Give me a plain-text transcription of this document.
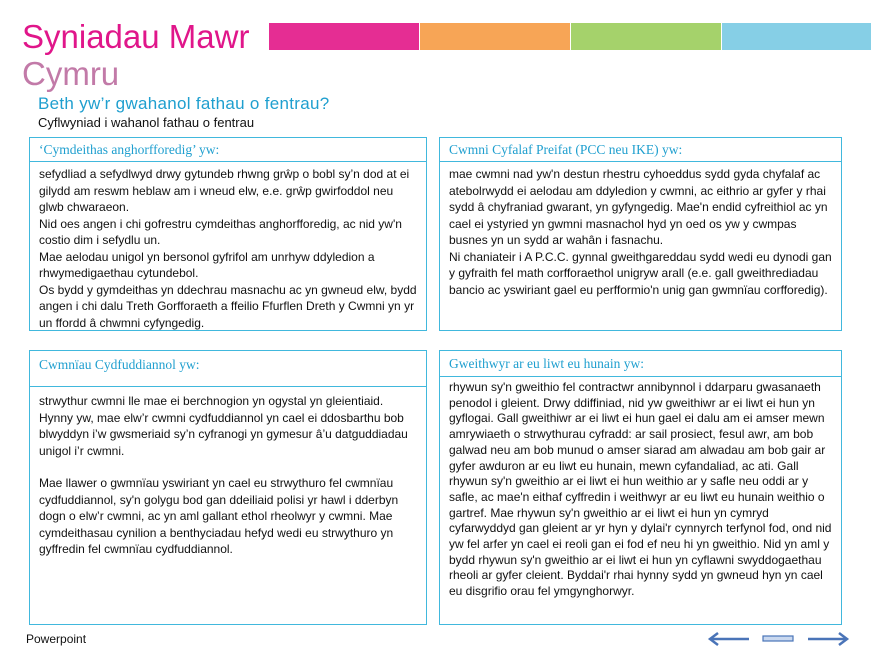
Syniadau Mawr
Cymru
Beth yw’r gwahanol fathau o fentrau?
Cyflwyniad i wahanol fathau o fentrau
‘Cymdeithas anghorfforedig’ yw:

sefydliad a sefydlwyd drwy gytundeb rhwng grŵp o bobl sy’n dod at ei gilydd am reswm heblaw am i wneud elw, e.e. grŵp gwirfoddol neu glwb chwaraeon.

Nid oes angen i chi gofrestru cymdeithas anghorfforedig, ac nid yw'n costio dim i sefydlu un.

Mae aelodau unigol yn bersonol gyfrifol am unrhyw ddyledion a rhwymedigaethau cytundebol.

Os bydd y gymdeithas yn ddechrau masnachu ac yn gwneud elw, bydd angen i chi dalu Treth Gorfforaeth a ffeilio Ffurflen Dreth y Cwmni yn yr un ffordd â chwmni cyfyngedig.

Cwmni Cyfalaf Preifat (PCC neu IKE) yw:

mae cwmni nad yw'n destun rhestru cyhoeddus sydd gyda chyfalaf ac atebolrwydd ei aelodau am ddyledion y cwmni, ac eithrio ar gyfer y rhai sydd â chyfraniad gwarant, yn gyfyngedig. Mae'n endid cyfreithiol ac yn cael ei ystyried yn gwmni masnachol hyd yn oed os yw y cwmpas busnes yn un sydd ar wahân i fasnachu.

Ni chaniateir i A P.C.C. gynnal gweithgareddau sydd wedi eu dynodi gan y gyfraith fel math corfforaethol unigryw arall (e.e. gall gweithrediadau bancio ac yswiriant gael eu perfformio'n unig gan gwmnïau corfforedig).

Cwmnïau Cydfuddiannol yw:

strwythur cwmni lle mae ei berchnogion yn ogystal yn gleientiaid. Hynny yw, mae elw’r cwmni cydfuddiannol yn cael ei ddosbarthu bob blwyddyn i’w gwsmeriaid sy’n cyfranogi yn gymesur â’u datguddiadau unigol i’r cwmni.

Mae llawer o gwmnïau yswiriant yn cael eu strwythuro fel cwmnïau cydfuddiannol, sy'n golygu bod gan ddeiliaid polisi yr hawl i dderbyn dogn o elw’r cwmni, ac yn aml gallant ethol rheolwyr y cwmni. Mae cymdeithasau cynilion a benthyciadau hefyd wedi eu strwythuro yn gyffredin fel cwmnïau cydfuddiannol.

Gweithwyr ar eu liwt eu hunain yw:

rhywun sy'n gweithio fel contractwr annibynnol i ddarparu gwasanaeth penodol i gleient. Drwy ddiffiniad, nid yw gweithiwr ar ei liwt ei hun yn gyflogai. Gall gweithiwr ar ei liwt ei hun gael ei dalu am ei amser mewn amrywiaeth o strwythurau cyfradd: ar sail prosiect, fesul awr, am bob galwad neu am bob munud o amser siarad am alwadau am bob gair ar gyfer awduron ar eu liwt eu hunain, mewn cyfandaliad, ac ati. Gall rhywun sy'n gweithio ar ei liwt ei hun weithio ar y safle neu oddi ar y safle, ac mae'n eithaf cyffredin i weithwyr ar eu liwt eu hunain weithio o gartref. Mae rhywun sy'n gweithio ar ei liwt ei hun yn cymryd cyfarwyddyd gan gleient ar yr hyn y dylai'r cynnyrch terfynol fod, ond nid yw fel arfer yn cael ei reoli gan ei fod ef neu hi yn gweithio. Nid yn aml y bydd rhywun sy'n gweithio ar ei liwt ei hun yn cyflawni swyddogaethau rheoli ar gyfer cleient. Byddai'r rhai hynny sydd yn gwneud hyn yn cael eu disgrifio orau fel ymgynghorwyr.

Powerpoint
